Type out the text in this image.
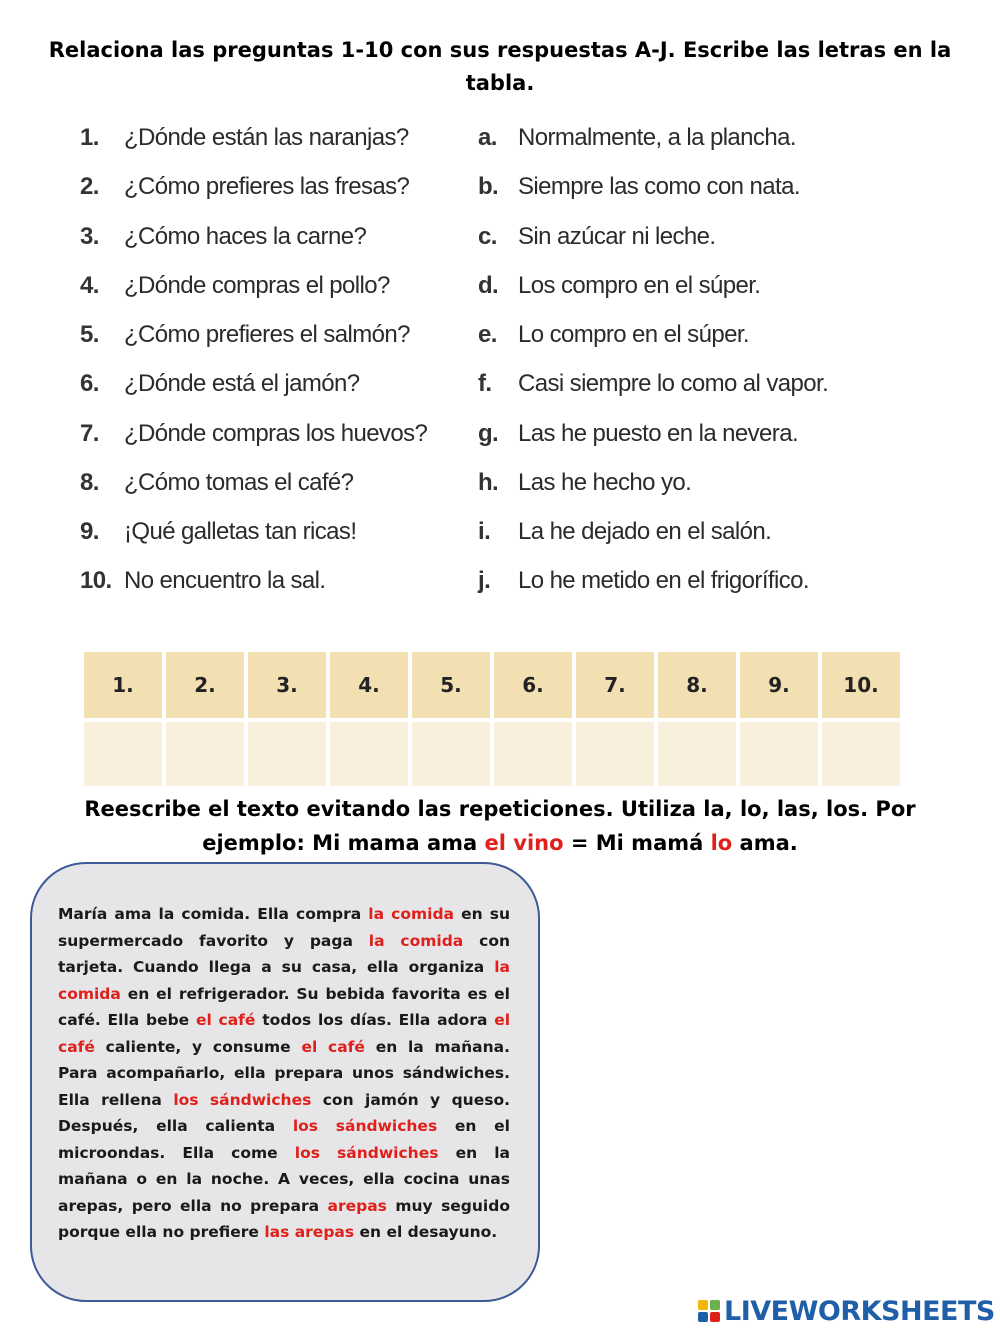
Relaciona las preguntas 1-10 con sus respuestas A-J. Escribe las letras en la tabla.
1.	¿Dónde están las naranjas?	a. Normalmente, a la plancha.
2.	¿Cómo prefieres las fresas?	b. Siempre las como con nata.
3.	¿Cómo haces la carne?	c. Sin azúcar ni leche.
4.	¿Dónde compras el pollo?	d. Los compro en el súper.
5.	¿Cómo prefieres el salmón?	e. Lo compro en el súper.
6.	¿Dónde está el jamón?	f.	Casi siempre lo como al vapor.
7.	¿Dónde compras los huevos? g. Las he puesto en la nevera.
8.	¿Cómo tomas el café?	h. Las he hecho yo.
9.	¡Qué galletas tan ricas!	i.	La he dejado en el salón.
10. No encuentro la sal.	j.	Lo he metido en el frigorífico.
1.	2.	3.	4.	5.	6.	7.	8.	9.	10.

Reescribe el texto evitando las repeticiones. Utiliza la, lo, las, los. Por ejemplo: Mi mama ama el vino = Mi mamá lo ama.

María ama la comida. Ella compra la comida en su supermercado favorito y paga la comida con tarjeta. Cuando llega a su casa, ella organiza la comida en el refrigerador. Su bebida favorita es el café. Ella bebe el café todos los días. Ella adora el café caliente, y consume el café en la mañana. Para acompañarlo, ella prepara unos sándwiches. Ella rellena los sándwiches con jamón y queso. Después, ella calienta los sándwiches en el microondas. Ella come los sándwiches en la mañana o en la noche. A veces, ella cocina unas arepas, pero ella no prepara arepas muy seguido porque ella no prefiere las arepas en el desayuno.

LIVEWORKSHEETS
